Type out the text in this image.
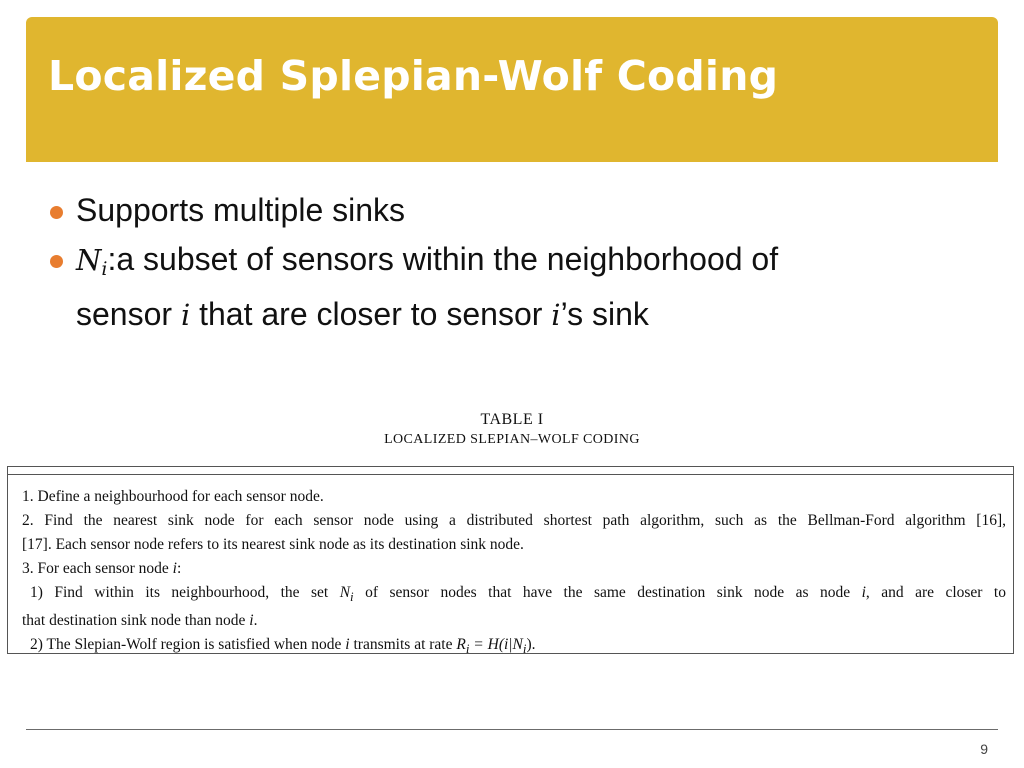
Localized Splepian-Wolf Coding
Supports multiple sinks
$N_i:a$ subset of sensors within the neighborhood of
sensor i that are closer to sensor i’s sink
TABLE I
LOCALIZED SLEPIAN–WOLF CODING
1. Define a neighbourhood for each sensor node.
2. Find the nearest sink node for each sensor node using a distributed shortest path algorithm, such as the Bellman-Ford algorithm [16],
[17]. Each sensor node refers to its nearest sink node as its destination sink node.
3. For each sensor node i:
1) Find within its neighbourhood, the set $N_i$ of sensor nodes that have the same destination sink node as node i, and are closer to
that destination sink node than node i.
2) The Slepian-Wolf region is satisfied when node i transmits at rate $R_i = H(i|N_i)$.
9
